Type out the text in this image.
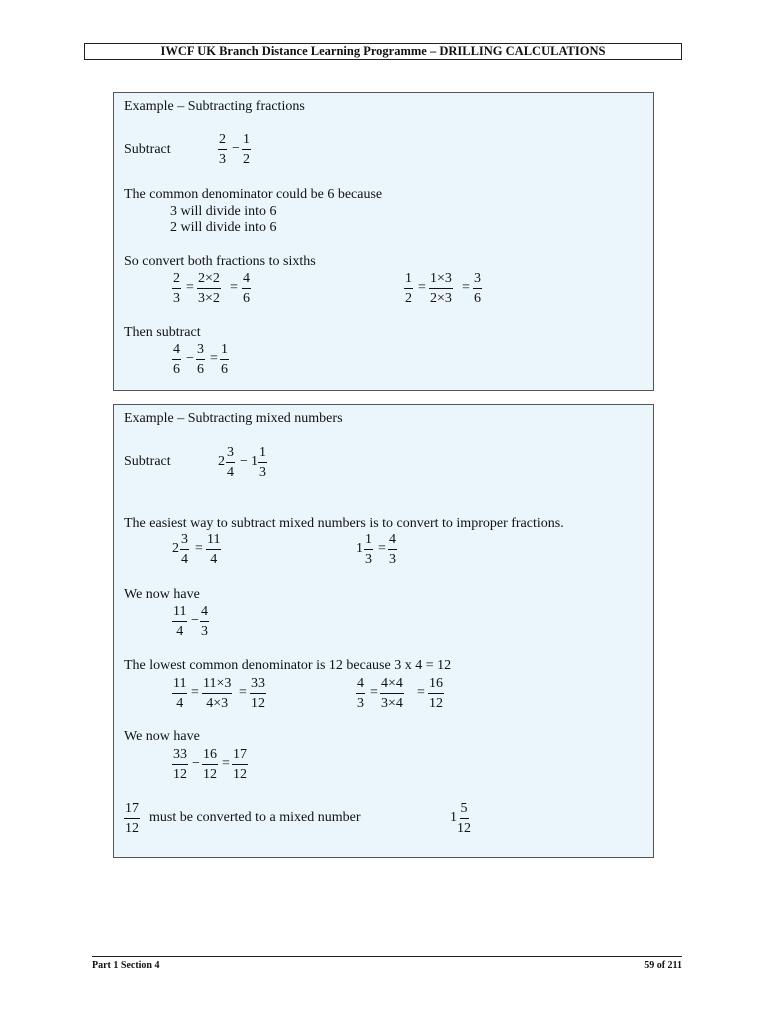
IWCF UK Branch Distance Learning Programme – DRILLING CALCULATIONS
Example – Subtracting fractions
Subtract
2
3
−
1
2
The common denominator could be 6 because
3 will divide into 6
2 will divide into 6
So convert both fractions to sixths
2
3
=
2×2
3×2
=
4
6
1
2
=
1×3
2×3
=
3
6
Then subtract
4
6
−
3
6
=
1
6
Example – Subtracting mixed numbers
Subtract	2
3
4
− 1
1
3
The easiest way to subtract mixed numbers is to convert to improper fractions.
2
3
4
=
11
4
1
1
3
=
4
3
We now have
11
4
−
4
3
The lowest common denominator is 12 because 3 x 4 = 12
11
4
=
11×3
4×3
=
33
12
4
3
=
4×4
3×4
=
16
12
We now have
33
12
−
16
12
=
17
12
17
12
must be converted to a mixed number	1
5
12
Part 1 Section 4	59 of 211
